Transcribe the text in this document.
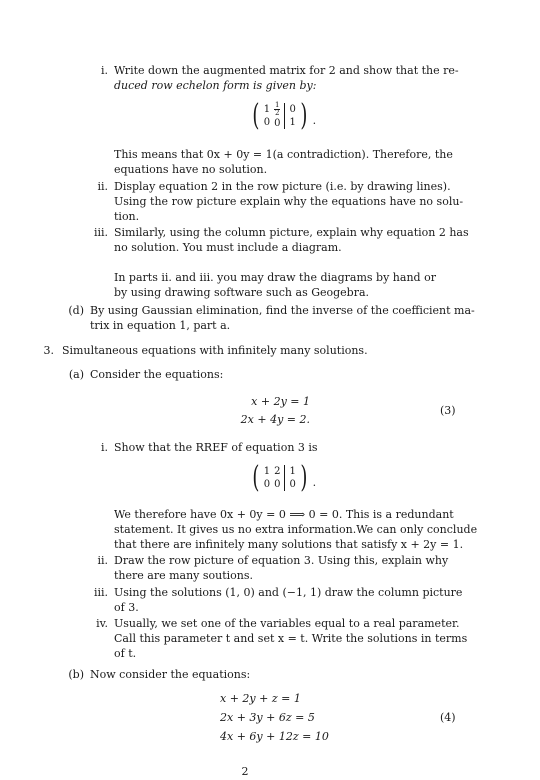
i. Write down the augmented matrix for 2 and show that the re-

duced row echelon form is given by:

( 1
0
$\frac{1}{2}$
0
0
1 ) .

This means that 0x + 0y = 1(a contradiction). Therefore, the

equations have no solution.

ii. Display equation 2 in the row picture (i.e. by drawing lines).

Using the row picture explain why the equations have no solu-

tion.

iii. Similarly, using the column picture, explain why equation 2 has

no solution. You must include a diagram.

In parts ii. and iii. you may draw the diagrams by hand or

by using drawing software such as Geogebra.

(d) By using Gaussian elimination, find the inverse of the coefficient ma-

trix in equation 1, part a.

3. Simultaneous equations with infinitely many solutions.

(a) Consider the equations:

x + 2y = 1
2x + 4y = 2.
(3)
i. Show that the RREF of equation 3 is

( 1
0
2
0
1
0 ) .

We therefore have 0x + 0y = 0 ⟹ 0 = 0. This is a redundant

statement. It gives us no extra information.We can only conclude

that there are infinitely many solutions that satisfy x + 2y = 1.

ii. Draw the row picture of equation 3. Using this, explain why

there are many soutions.

iii. Using the solutions (1, 0) and (−1, 1) draw the column picture

of 3.

iv. Usually, we set one of the variables equal to a real parameter.

Call this parameter t and set x = t. Write the solutions in terms

of t.

(b) Now consider the equations:

x + 2y + z = 1
2x + 3y + 6z = 5
4x + 6y + 12z = 10
(4)
2
